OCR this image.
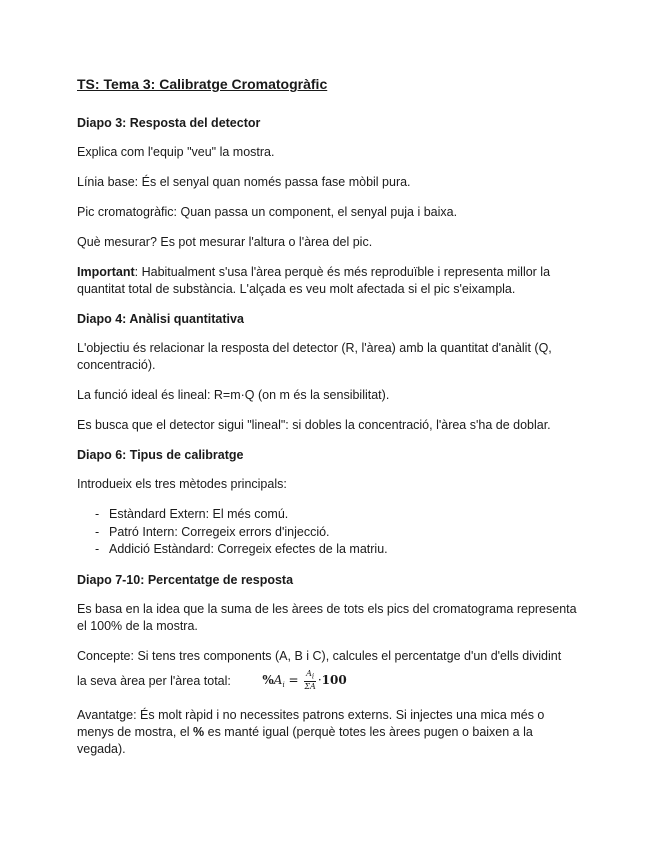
TS: Tema 3: Calibratge Cromatogràfic
Diapo 3: Resposta del detector
Explica com l'equip "veu" la mostra.
Línia base: És el senyal quan només passa fase mòbil pura.
Pic cromatogràfic: Quan passa un component, el senyal puja i baixa.
Què mesurar? Es pot mesurar l'altura o l'àrea del pic.
Important: Habitualment s'usa l'àrea perquè és més reproduïble i representa millor la quantitat total de substància. L'alçada es veu molt afectada si el pic s'eixampla.
Diapo 4: Anàlisi quantitativa
L'objectiu és relacionar la resposta del detector (R, l'àrea) amb la quantitat d'anàlit (Q, concentració).
La funció ideal és lineal: R=m·Q (on m és la sensibilitat).
Es busca que el detector sigui "lineal": si dobles la concentració, l'àrea s'ha de doblar.
Diapo 6: Tipus de calibratge
Introdueix els tres mètodes principals:
- Estàndard Extern: El més comú.
- Patró Intern: Corregeix errors d'injecció.
- Addició Estàndard: Corregeix efectes de la matriu.
Diapo 7-10: Percentatge de resposta
Es basa en la idea que la suma de les àrees de tots els pics del cromatograma representa el 100% de la mostra.
Concepte: Si tens tres components (A, B i C), calcules el percentatge d'un d'ells dividint
la seva àrea per l'àrea total:	$\%A_i = \frac{A_i}{\Sigma A} \cdot 100$
Avantatge: És molt ràpid i no necessites patrons externs. Si injectes una mica més o menys de mostra, el % es manté igual (perquè totes les àrees pugen o baixen a la vegada).
